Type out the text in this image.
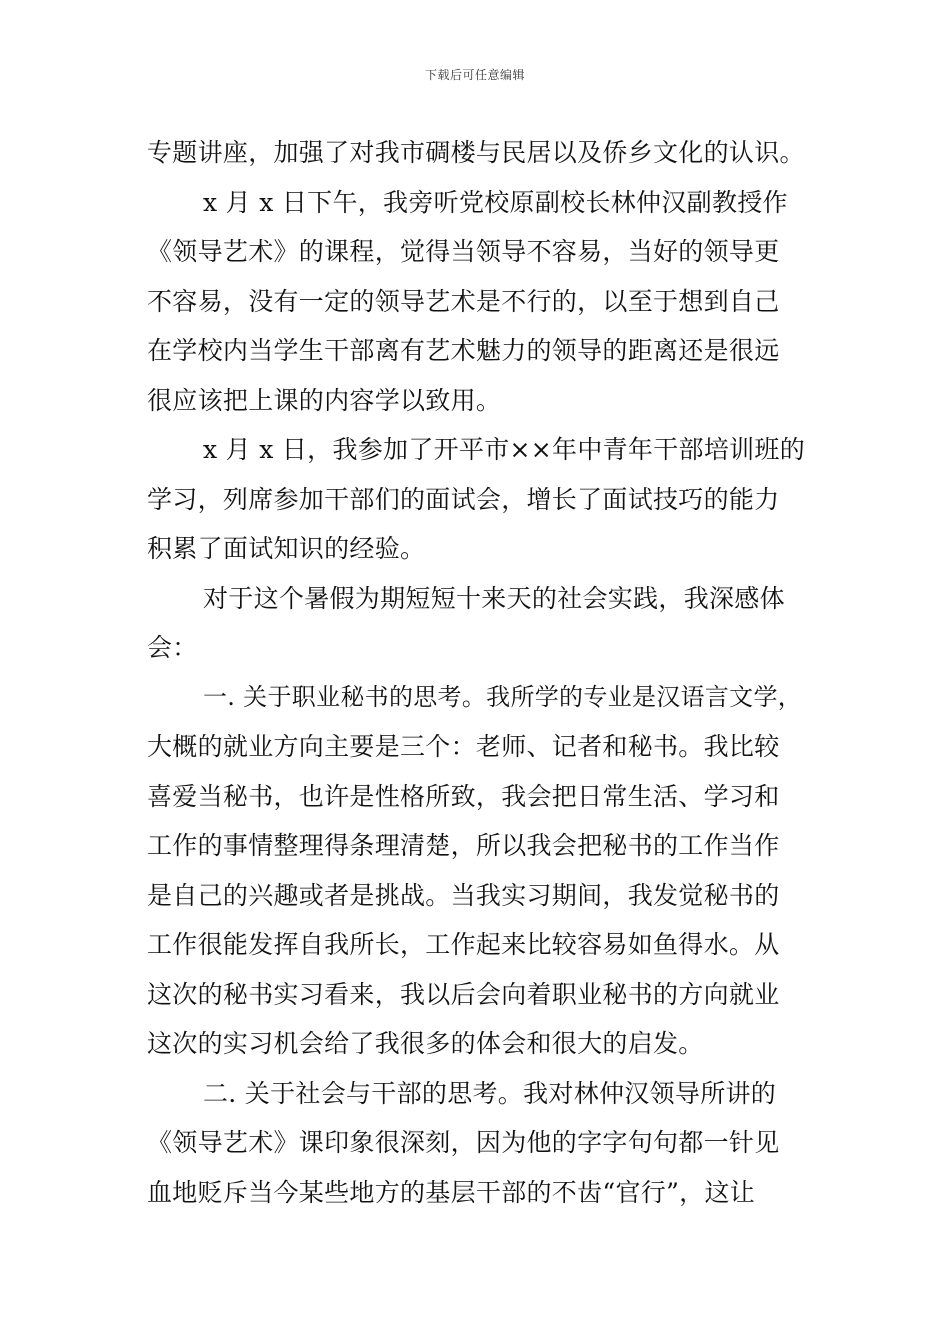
下载后可任意编辑
专题讲座，加强了对我市碉楼与民居以及侨乡文化的认识。
x 月 x 日下午，我旁听党校原副校长林仲汉副教授作
《领导艺术》的课程，觉得当领导不容易，当好的领导更
不容易，没有一定的领导艺术是不行的，以至于想到自己
在学校内当学生干部离有艺术魅力的领导的距离还是很远
很应该把上课的内容学以致用。
x 月 x 日，我参加了开平市××年中青年干部培训班的
学习，列席参加干部们的面试会，增长了面试技巧的能力
积累了面试知识的经验。
对于这个暑假为期短短十来天的社会实践，我深感体
会：
一. 关于职业秘书的思考。我所学的专业是汉语言文学，
大概的就业方向主要是三个：老师、记者和秘书。我比较
喜爱当秘书，也许是性格所致，我会把日常生活、学习和
工作的事情整理得条理清楚，所以我会把秘书的工作当作
是自己的兴趣或者是挑战。当我实习期间，我发觉秘书的
工作很能发挥自我所长，工作起来比较容易如鱼得水。从
这次的秘书实习看来，我以后会向着职业秘书的方向就业
这次的实习机会给了我很多的体会和很大的启发。
二. 关于社会与干部的思考。我对林仲汉领导所讲的
《领导艺术》课印象很深刻，因为他的字字句句都一针见
血地贬斥当今某些地方的基层干部的不齿“官行”，这让
